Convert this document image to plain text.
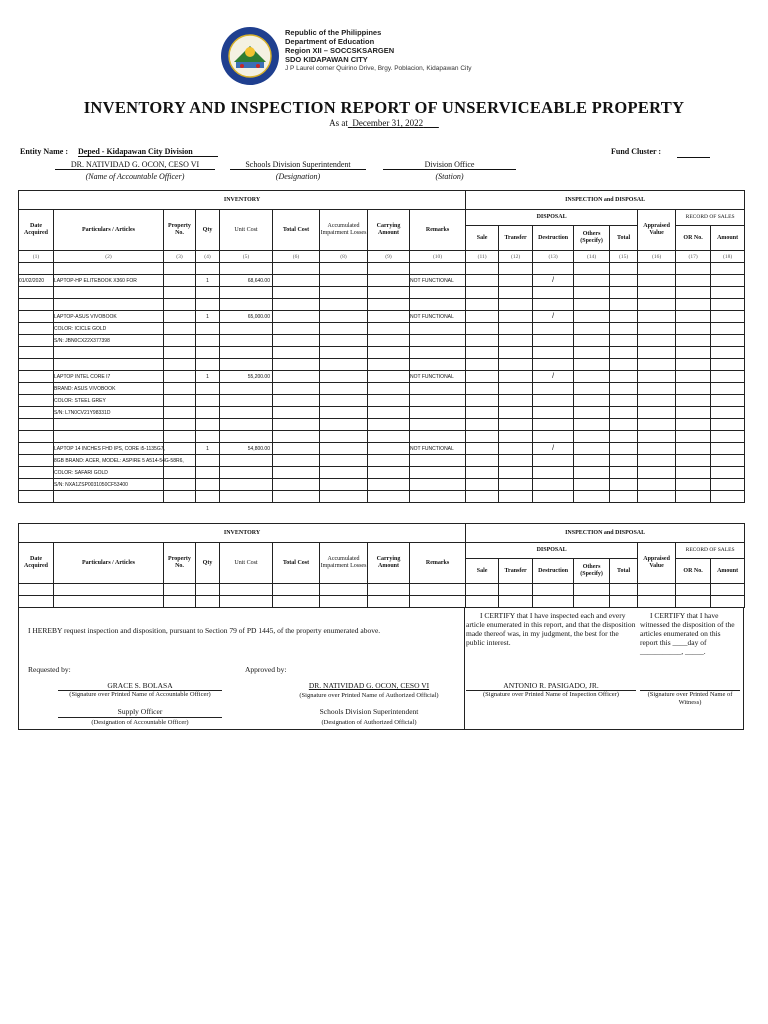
Republic of the Philippines
Department of Education
Region XII – SOCCSKSARGEN
SDO KIDAPAWAN CITY
J P Laurel corner Quirino Drive, Brgy. Poblacion, Kidapawan City
INVENTORY AND INSPECTION REPORT OF UNSERVICEABLE PROPERTY
As at December 31, 2022
Entity Name : Deped - Kidapawan City Division	Fund Cluster :
DR. NATIVIDAD G. OCON, CESO VI
(Name of Accountable Officer)
Schools Division Superintendent
(Designation)
Division Office
(Station)
INVENTORY									INSPECTION and DISPOSAL							
Date Acquired	Particulars / Articles	Property No.	Qty	Unit Cost	Total Cost	Accumulated Impairment Losses	Carrying Amount	Remarks	DISPOSAL					Appraised Value	RECORD OF SALES	
									Sale	Transfer	Destruction	Others (Specify)	Total		OR No.	Amount
(1)	(2)	(3)	(4)	(5)	(6)	(8)	(9)	(10)	(11)	(12)	(13)	(14)	(15)	(16)	(17)	(18)

01/02/2020	LAPTOP-HP ELITEBOOK X360 FOR		1	68,640.00				NOT FUNCTIONAL			/					

	LAPTOP-ASUS VIVOBOOK		1	65,000.00				NOT FUNCTIONAL			/					
	COLOR: ICICLE GOLD															
	S/N: JBN0CX22X377398															

	LAPTOP INTEL CORE I7		1	55,200.00				NOT FUNCTIONAL			/					
	BRAND: ASUS VIVOBOOK															
	COLOR: STEEL GREY															
	S/N: L7N0CV21Y98331D															

	LAPTOP 14 INCHES FHD IPS, CORE i5-1135G7,		1	54,800.00				NOT FUNCTIONAL			/					
	8GB BRAND: ACER, MODEL: ASPIRE 5 A514-54G-58R6,															
	COLOR: SAFARI GOLD															
	S/N: NXA1ZSP0031050CF53400															

INVENTORY									INSPECTION and DISPOSAL							
Date Acquired	Particulars / Articles	Property No.	Qty	Unit Cost	Total Cost	Accumulated Impairment Losses	Carrying Amount	Remarks	DISPOSAL					Appraised Value	RECORD OF SALES	
									Sale	Transfer	Destruction	Others (Specify)	Total		OR No.	Amount

I HEREBY request inspection and disposition, pursuant to Section 79 of PD 1445, of the property enumerated above.
Requested by:	Approved by:
GRACE S. BOLASA
(Signature over Printed Name of Accountable Officer)
Supply Officer
(Designation of Accountable Officer)
DR. NATIVIDAD G. OCON, CESO VI
(Signature over Printed Name of Authorized Official)
Schools Division Superintendent
(Designation of Authorized Official)
I CERTIFY that I have inspected each and every article enumerated in this report, and that the disposition made thereof was, in my judgment, the best for the public interest.
ANTONIO R. PASIGADO, JR.
(Signature over Printed Name of Inspection Officer)
I CERTIFY that I have witnessed the disposition of the articles enumerated on this report this ____day of ___________, _____.
(Signature over Printed Name of Witness)
